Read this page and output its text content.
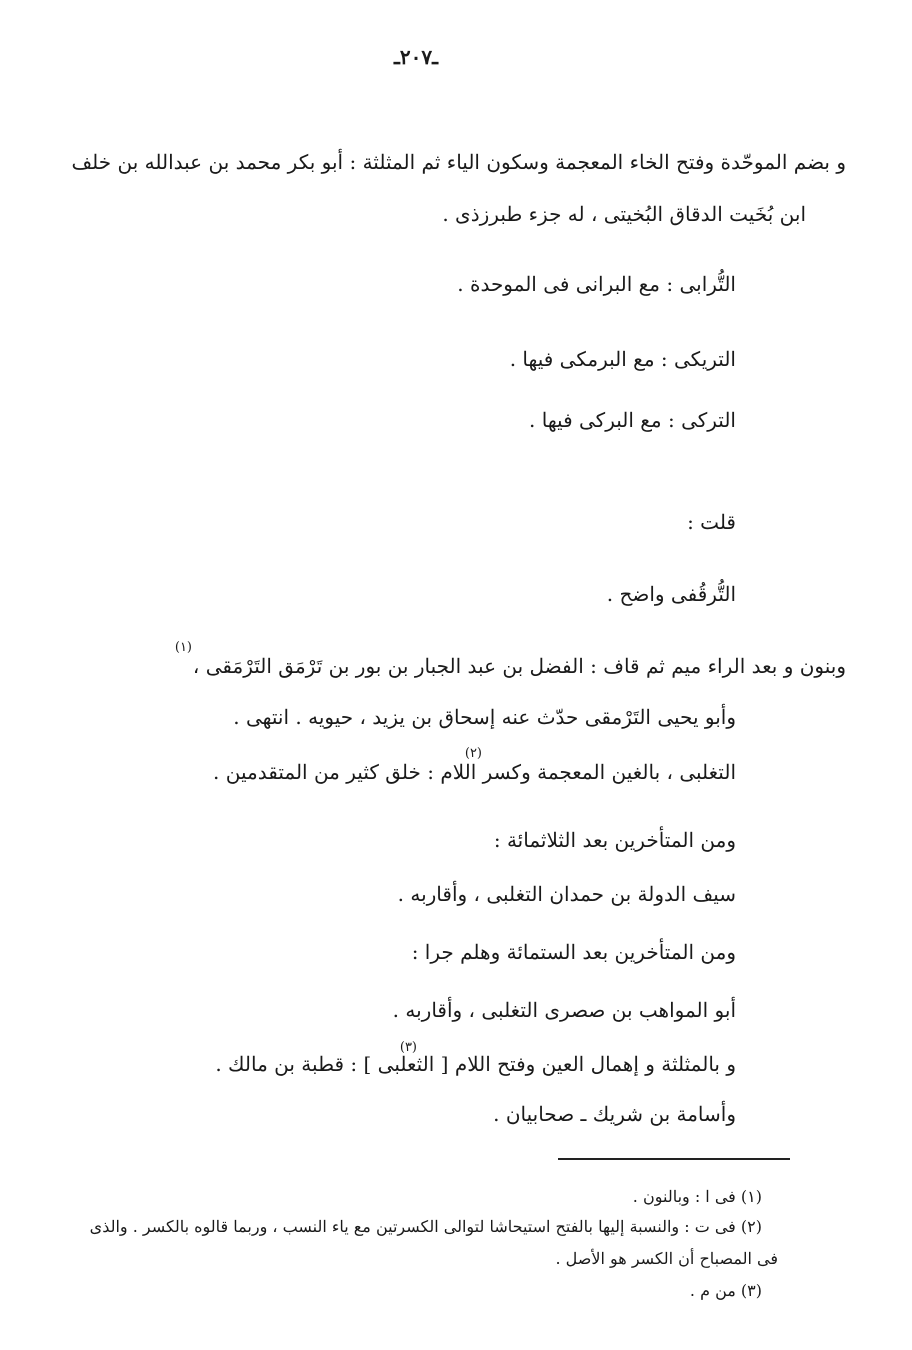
ـ٢٠٧ـ
و بضم الموحّدة وفتح الخاء المعجمة وسكون الياء ثم المثلثة : أبو بكر محمد بن عبدالله بن خلف
ابن بُخَيت الدقاق البُخيتى ، له جزء طبرزذى .
التُّرابى : مع البرانى فى الموحدة .
التريكى : مع البرمكى فيها .
التركى : مع البركى فيها .
قلت :
التُّرقُفى واضح .
وبنون و بعد الراء ميم ثم قاف : الفضل بن عبد الجبار بن بور بن تَرْمَق التَرْمَقى ،
(١)
وأبو يحيى التَرْمقى حدّث عنه إسحاق بن يزيد ، حيويه . انتهى .
التغلبى ، بالغين المعجمة وكسر اللام : خلق كثير من المتقدمين .
(٢)
ومن المتأخرين بعد الثلاثمائة :
سيف الدولة بن حمدان التغلبى ، وأقاربه .
ومن المتأخرين بعد الستمائة وهلم جرا :
أبو المواهب بن صصرى التغلبى ، وأقاربه .
و بالمثلثة و إهمال العين وفتح اللام [ الثعلبى ] : قطبة بن مالك .
(٣)
وأسامة بن شريك ـ صحابيان .
(١) فى ا : وبالنون .
(٢) فى ت : والنسبة إليها بالفتح استيحاشا لتوالى الكسرتين مع ياء النسب ، وربما قالوه بالكسر . والذى
فى المصباح أن الكسر هو الأصل .
(٣) من م .
